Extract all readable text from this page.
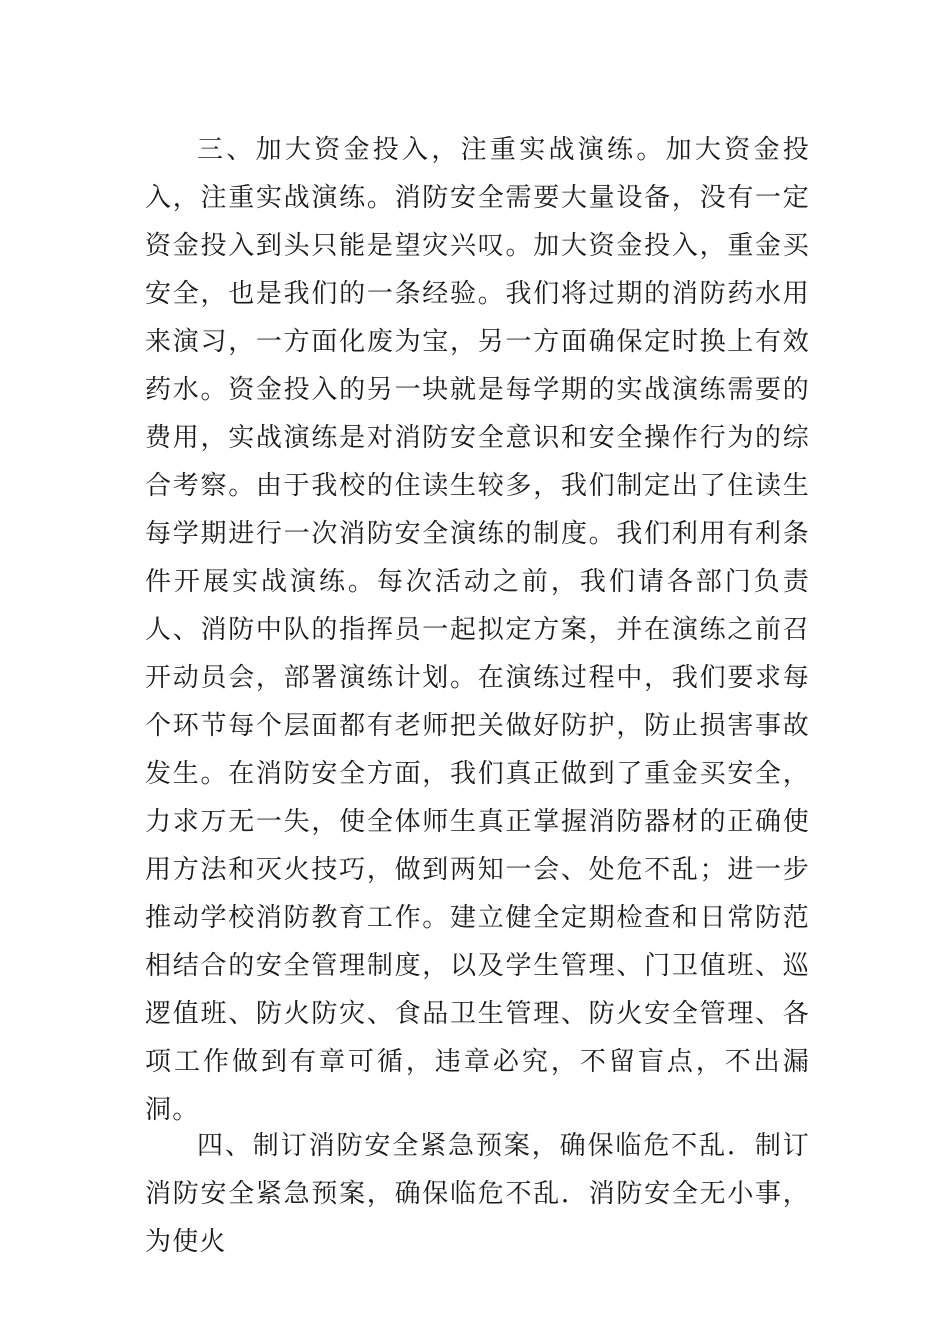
三、加大资金投入，注重实战演练。加大资金投入，注重实战演练。消防安全需要大量设备，没有一定资金投入到头只能是望灾兴叹。加大资金投入，重金买安全，也是我们的一条经验。我们将过期的消防药水用来演习，一方面化废为宝，另一方面确保定时换上有效药水。资金投入的另一块就是每学期的实战演练需要的费用，实战演练是对消防安全意识和安全操作行为的综合考察。由于我校的住读生较多，我们制定出了住读生每学期进行一次消防安全演练的制度。我们利用有利条件开展实战演练。每次活动之前，我们请各部门负责人、消防中队的指挥员一起拟定方案，并在演练之前召开动员会，部署演练计划。在演练过程中，我们要求每个环节每个层面都有老师把关做好防护，防止损害事故发生。在消防安全方面，我们真正做到了重金买安全，力求万无一失，使全体师生真正掌握消防器材的正确使用方法和灭火技巧，做到两知一会、处危不乱；进一步推动学校消防教育工作。建立健全定期检查和日常防范相结合的安全管理制度，以及学生管理、门卫值班、巡逻值班、防火防灾、食品卫生管理、防火安全管理、各项工作做到有章可循，违章必究，不留盲点，不出漏洞。

四、制订消防安全紧急预案，确保临危不乱．制订消防安全紧急预案，确保临危不乱．消防安全无小事，为使火
